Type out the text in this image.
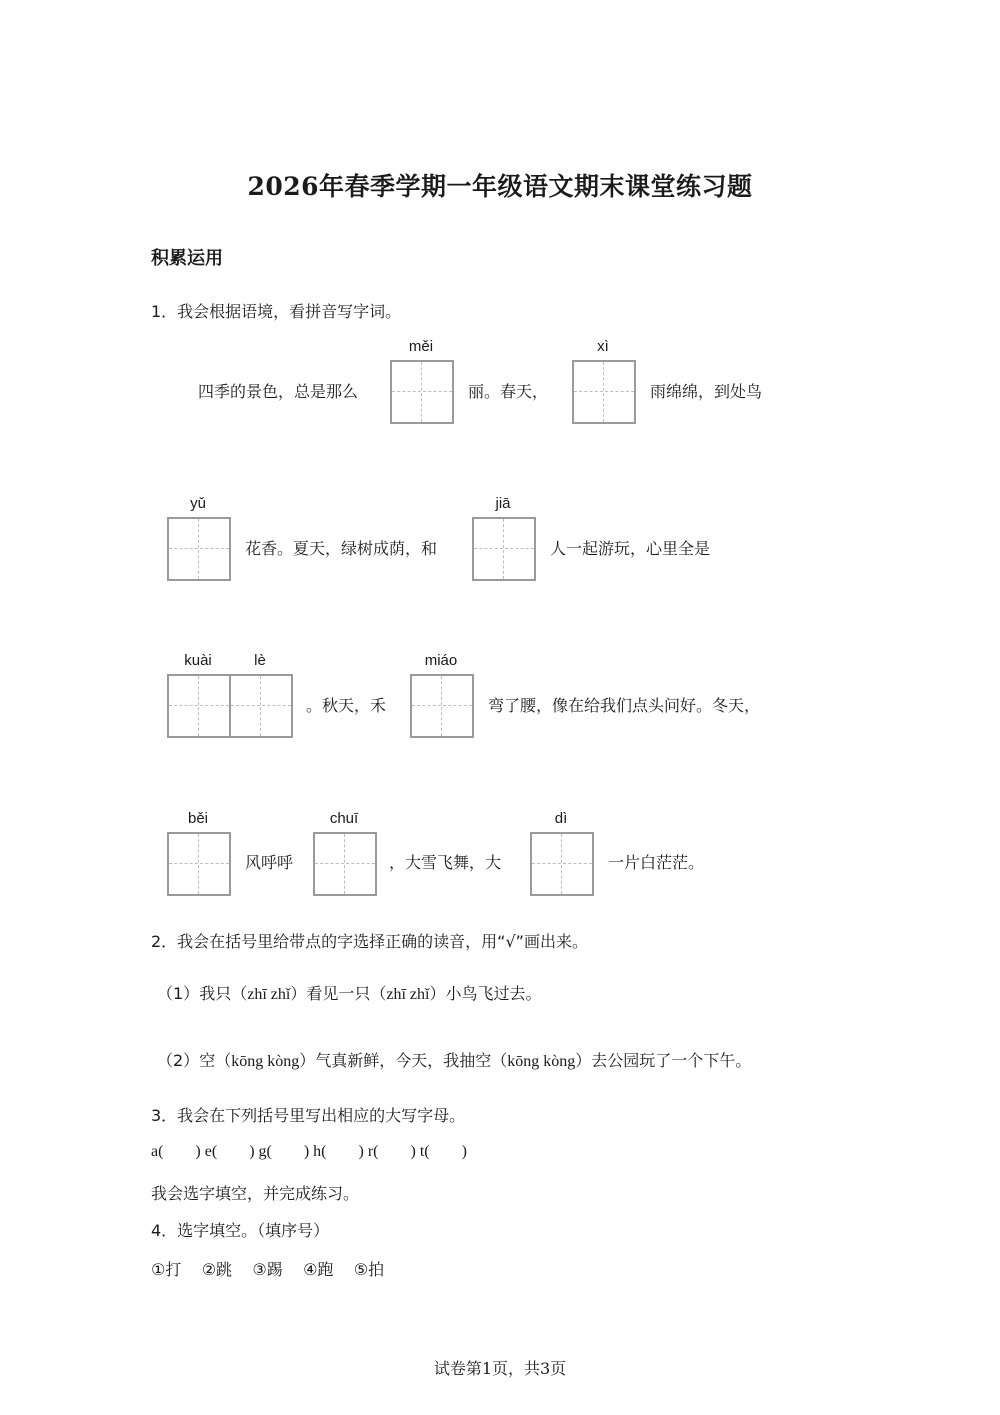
2026年春季学期一年级语文期末课堂练习题
积累运用
1．我会根据语境，看拼音写字词。
四季的景色，总是那么
měi
丽。春天，
xì
雨绵绵，到处鸟
yǔ
花香。夏天，绿树成荫，和
jiā
人一起游玩，心里全是
kuài	lè
。秋天，禾
miáo
弯了腰，像在给我们点头问好。冬天，
běi
风呼呼
chuī
，大雪飞舞，大
dì
一片白茫茫。
2．我会在括号里给带点的字选择正确的读音，用“√”画出来。
（1）我只（zhī zhǐ）看见一只（zhī zhǐ）小鸟飞过去。
（2）空（kōng kòng）气真新鲜，今天，我抽空（kōng kòng）去公园玩了一个下午。
3．我会在下列括号里写出相应的大写字母。
a(        ) e(        ) g(        ) h(        ) r(        ) t(        )
我会选字填空，并完成练习。
4．选字填空。（填序号）
①打    ②跳    ③踢    ④跑    ⑤拍
试卷第1页，共3页
